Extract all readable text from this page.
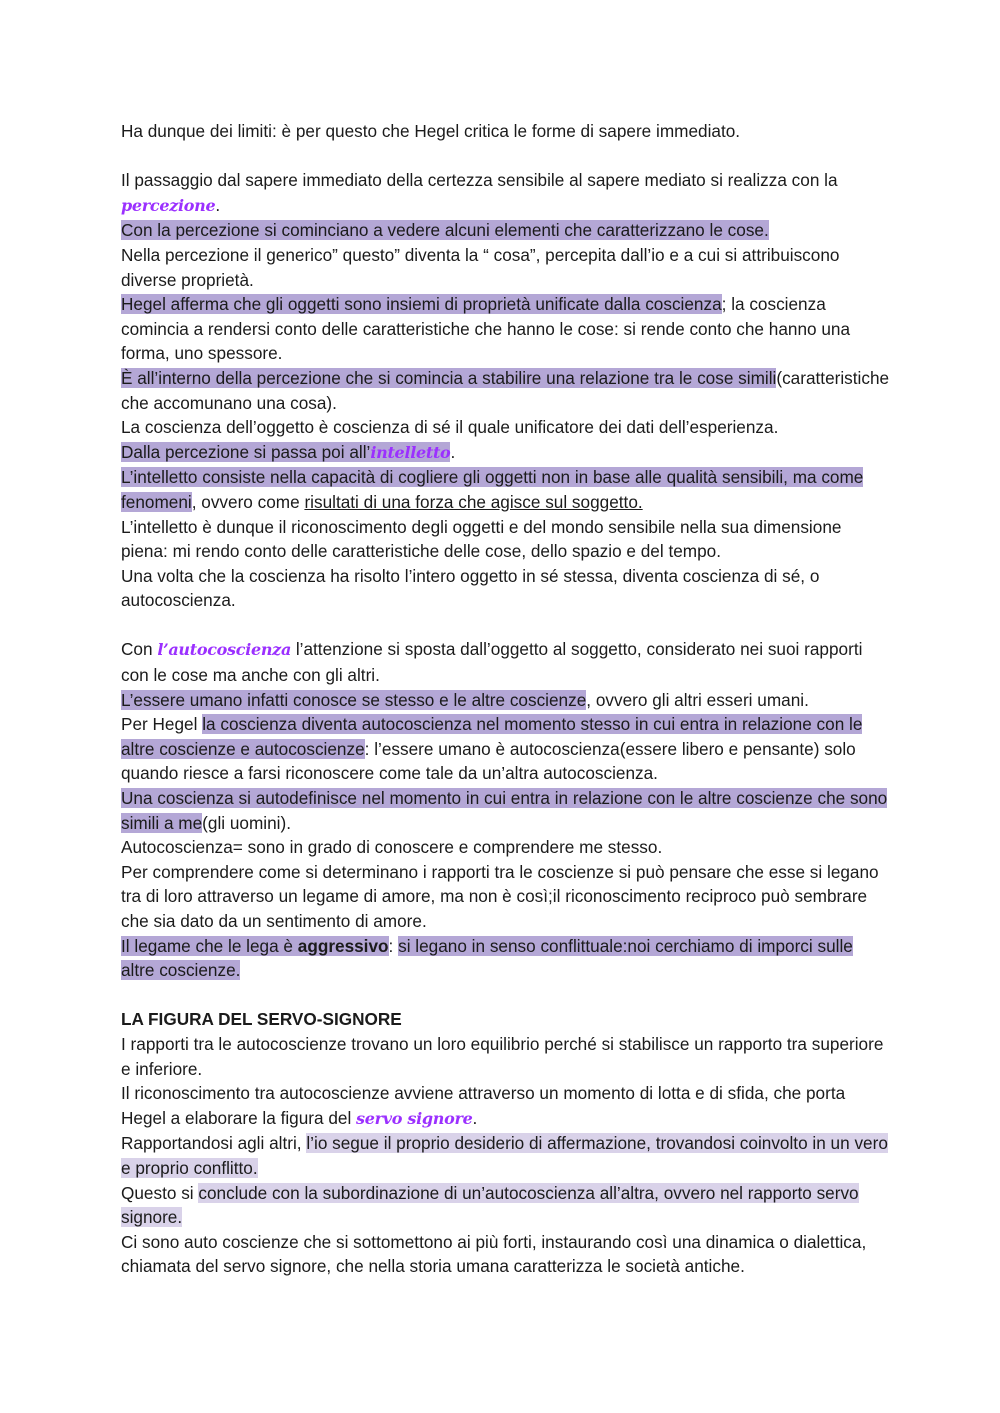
Ha dunque dei limiti: è per questo che Hegel critica le forme di sapere immediato.

Il passaggio dal sapere immediato della certezza sensibile al sapere mediato si realizza con la percezione.

Con la percezione si cominciano a vedere alcuni elementi che caratterizzano le cose.

Nella percezione il generico” questo” diventa la “ cosa”, percepita dall’io e a cui si attribuiscono diverse proprietà.

Hegel afferma che gli oggetti sono insiemi di proprietà unificate dalla coscienza; la coscienza comincia a rendersi conto delle caratteristiche che hanno le cose: si rende conto che hanno una forma, uno spessore.

È all’interno della percezione che si comincia a stabilire una relazione tra le cose simili(caratteristiche che accomunano una cosa).

La coscienza dell’oggetto è coscienza di sé il quale unificatore dei dati dell’esperienza.

Dalla percezione si passa poi all’intelletto.

L’intelletto consiste nella capacità di cogliere gli oggetti non in base alle qualità sensibili, ma come fenomeni, ovvero come risultati di una forza che agisce sul soggetto.

L’intelletto è dunque il riconoscimento degli oggetti e del mondo sensibile nella sua dimensione piena: mi rendo conto delle caratteristiche delle cose, dello spazio e del tempo.

Una volta che la coscienza ha risolto l’intero oggetto in sé stessa, diventa coscienza di sé, o autocoscienza.

Con l’autocoscienza l’attenzione si sposta dall’oggetto al soggetto, considerato nei suoi rapporti con le cose ma anche con gli altri.

L’essere umano infatti conosce se stesso e le altre coscienze, ovvero gli altri esseri umani.

Per Hegel la coscienza diventa autocoscienza nel momento stesso in cui entra in relazione con le altre coscienze e autocoscienze: l’essere umano è autocoscienza(essere libero e pensante) solo quando riesce a farsi riconoscere come tale da un’altra autocoscienza.

Una coscienza si autodefinisce nel momento in cui entra in relazione con le altre coscienze che sono simili a me(gli uomini).

Autocoscienza= sono in grado di conoscere e comprendere me stesso.

Per comprendere come si determinano i rapporti tra le coscienze si può pensare che esse si legano tra di loro attraverso un legame di amore, ma non è così;il riconoscimento reciproco può sembrare che sia dato da un sentimento di amore.

Il legame che le lega è aggressivo: si legano in senso conflittuale:noi cerchiamo di imporci sulle altre coscienze.

LA FIGURA DEL SERVO-SIGNORE

I rapporti tra le autocoscienze trovano un loro equilibrio perché si stabilisce un rapporto tra superiore e inferiore.

Il riconoscimento tra autocoscienze avviene attraverso un momento di lotta e di sfida, che porta Hegel a elaborare la figura del servo signore.

Rapportandosi agli altri, l’io segue il proprio desiderio di affermazione, trovandosi coinvolto in un vero e proprio conflitto.

Questo si conclude con la subordinazione di un’autocoscienza all’altra, ovvero nel rapporto servo signore.

Ci sono auto coscienze che si sottomettono ai più forti, instaurando così una dinamica o dialettica, chiamata del servo signore, che nella storia umana caratterizza le società antiche.
